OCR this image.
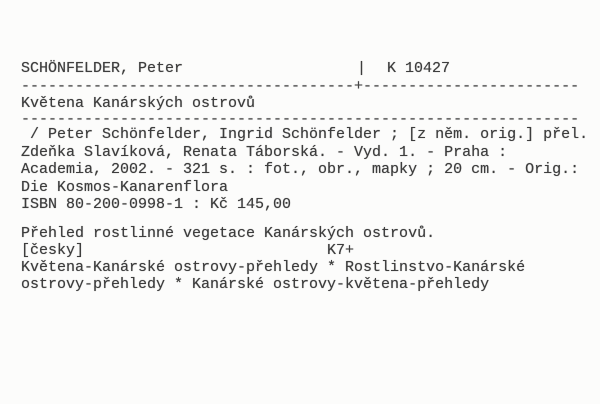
SCHÖNFELDER, Peter	| K 10427
-------------------------------------+------------------------
Květena Kanárských ostrovů
--------------------------------------------------------------
/ Peter Schönfelder, Ingrid Schönfelder ; [z něm. orig.] přel.
Zdeňka Slavíková, Renata Táborská. - Vyd. 1. - Praha :
Academia, 2002. - 321 s. : fot., obr., mapky ; 20 cm. - Orig.:
Die Kosmos-Kanarenflora
ISBN 80-200-0998-1 : Kč 145,00
Přehled rostlinné vegetace Kanárských ostrovů.
[česky]	K7+
Květena-Kanárské ostrovy-přehledy * Rostlinstvo-Kanárské
ostrovy-přehledy * Kanárské ostrovy-květena-přehledy
